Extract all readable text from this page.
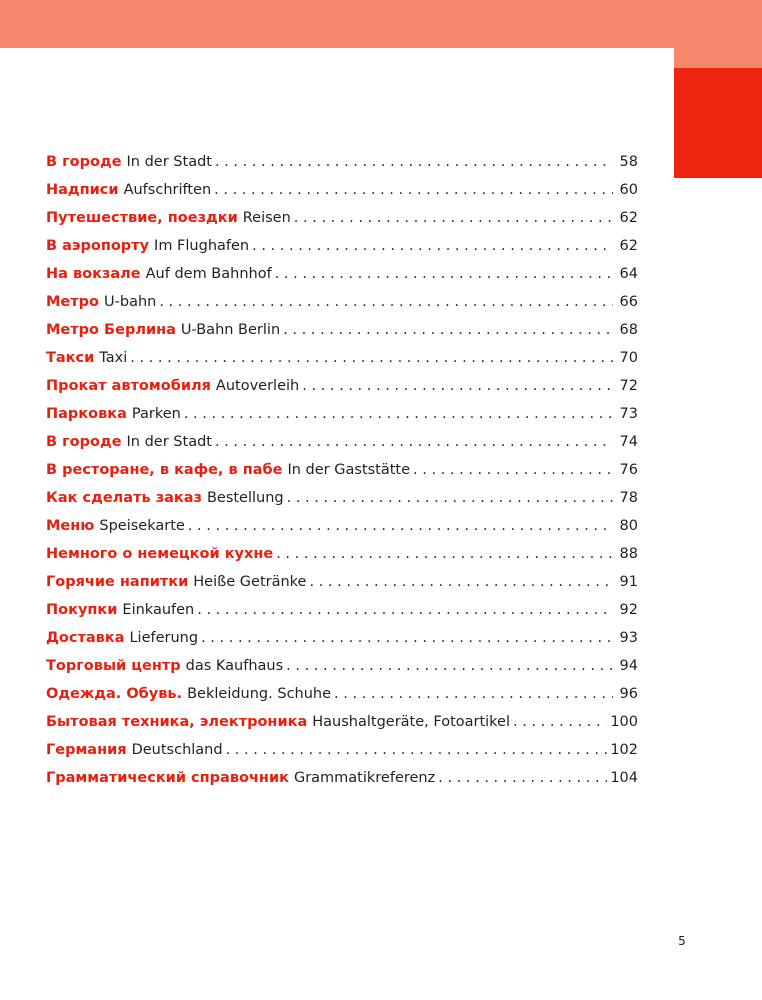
В городе In der Stadt . . .	58
Надписи Aufschriften . . .	60
Путешествие, поездки Reisen . . .	62
В аэропорту Im Flughafen . . .	62
На вокзале Auf dem Bahnhof . . .	64
Метро U-bahn . . .	66
Метро Берлина U-Bahn Berlin . . .	68
Такси Taxi . . .	70
Прокат автомобиля Autoverleih . . .	72
Парковка Parken . . .	73
В городе In der Stadt . . .	74
В ресторане, в кафе, в пабе In der Gaststätte . . .	76
Как сделать заказ Bestellung . . .	78
Меню Speisekarte . . .	80
Немного о немецкой кухне . . .	88
Горячие напитки Heiße Getränke . . .	91
Покупки Einkaufen . . .	92
Доставка Lieferung . . .	93
Торговый центр das Kaufhaus . . .	94
Одежда. Обувь. Bekleidung. Schuhe . . .	96
Бытовая техника, электроника Haushaltgeräte, Fotoartikel . . .	100
Германия Deutschland . . .	102
Грамматический справочник Grammatikreferenz . . .	104
5
